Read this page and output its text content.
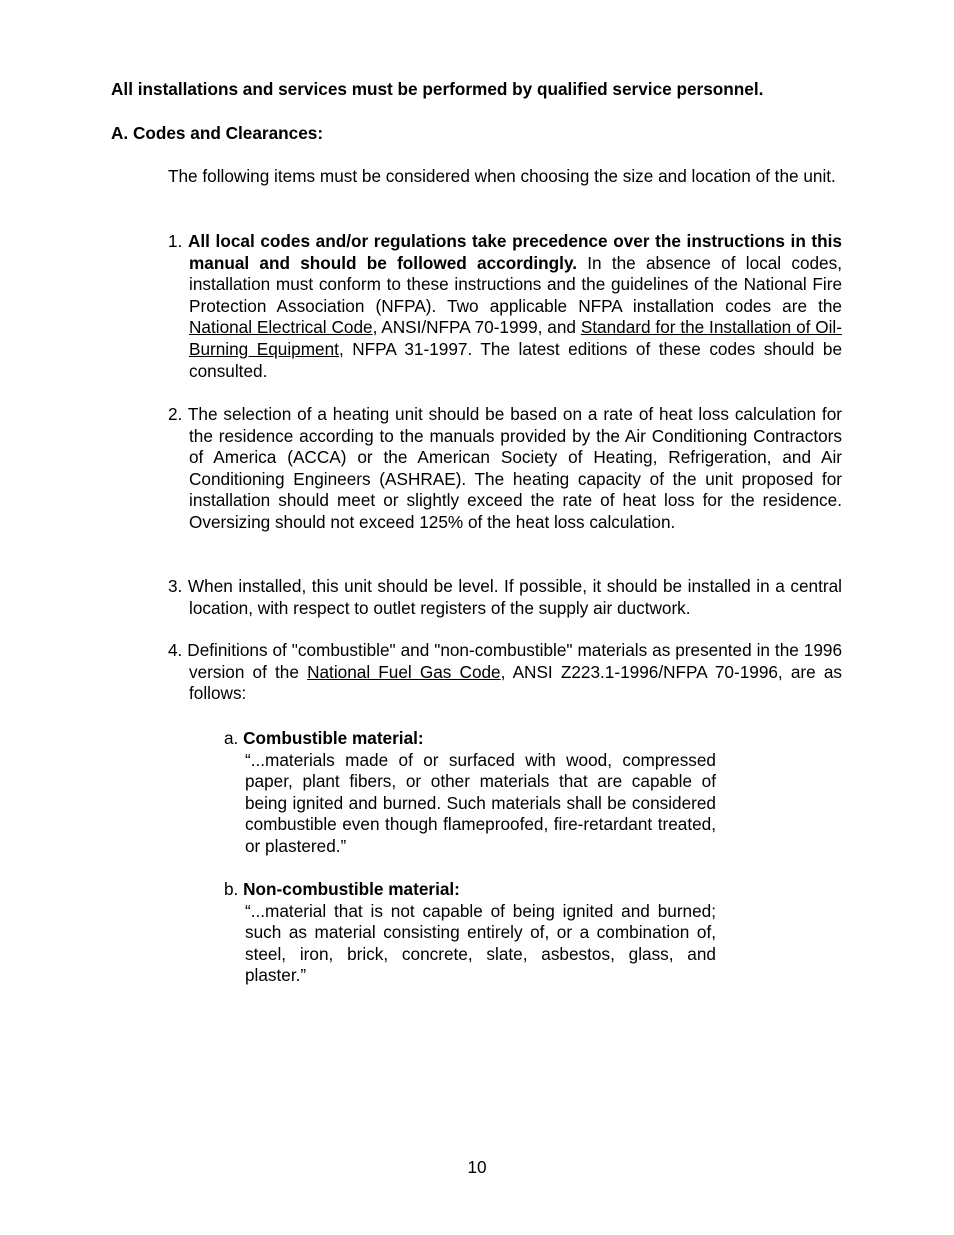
All installations and services must be performed by qualified service personnel.
A. Codes and Clearances:
The following items must be considered when choosing the size and location of the unit.
1. All local codes and/or regulations take precedence over the instructions in this manual and should be followed accordingly. In the absence of local codes, installation must conform to these instructions and the guidelines of the National Fire Protection Association (NFPA). Two applicable NFPA installation codes are the National Electrical Code, ANSI/NFPA 70-1999, and Standard for the Installation of Oil-Burning Equipment, NFPA 31-1997. The latest editions of these codes should be consulted.
2. The selection of a heating unit should be based on a rate of heat loss calculation for the residence according to the manuals provided by the Air Conditioning Contractors of America (ACCA) or the American Society of Heating, Refrigeration, and Air Conditioning Engineers (ASHRAE). The heating capacity of the unit proposed for installation should meet or slightly exceed the rate of heat loss for the residence. Oversizing should not exceed 125% of the heat loss calculation.
3. When installed, this unit should be level. If possible, it should be installed in a central location, with respect to outlet registers of the supply air ductwork.
4. Definitions of "combustible" and "non-combustible" materials as presented in the 1996 version of the National Fuel Gas Code, ANSI Z223.1-1996/NFPA 70-1996, are as follows:
a. Combustible material:
“...materials made of or surfaced with wood, compressed paper, plant fibers, or other materials that are capable of being ignited and burned. Such materials shall be considered combustible even though flameproofed, fire-retardant treated, or plastered.”
b. Non-combustible material:
“...material that is not capable of being ignited and burned; such as material consisting entirely of, or a combination of, steel, iron, brick, concrete, slate, asbestos, glass, and plaster.”
10
